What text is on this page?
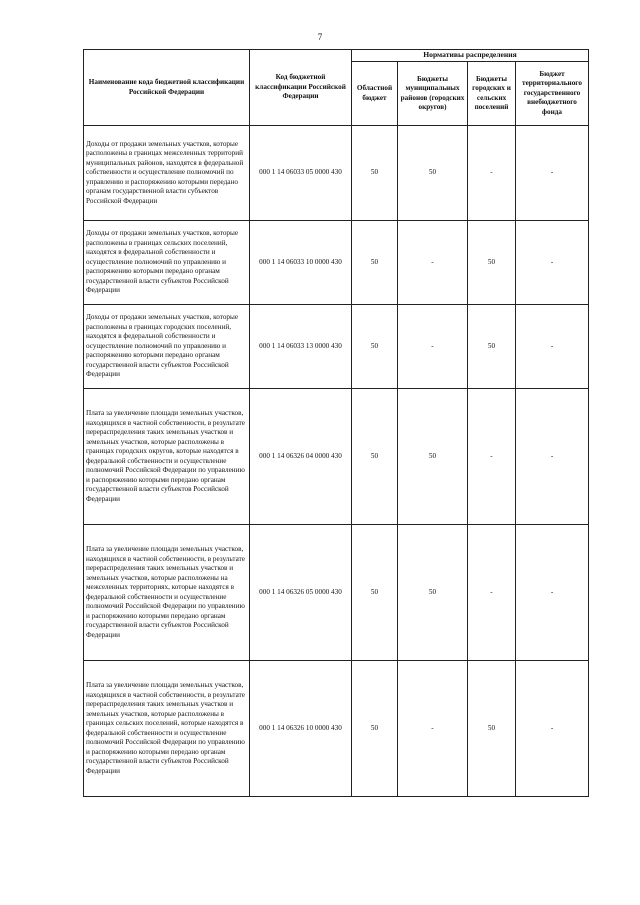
7
Наименование кода бюджетной классификации Российской Федерации	Код бюджетной классификации Российской Федерации	Нормативы распределения			
		Областной бюджет	Бюджеты муниципальных районов (городских округов)	Бюджеты городских и сельских поселений	Бюджет территориального государственного внебюджетного фонда
Доходы от продажи земельных участков, которые расположены в границах межселенных территорий муниципальных районов, находятся в федеральной собственности и осуществление полномочий по управлению и распоряжению которыми передано органам государственной власти субъектов Российской Федерации	000 1 14 06033 05 0000 430	50	50	-	-
Доходы от продажи земельных участков, которые расположены в границах сельских поселений, находятся в федеральной собственности и осуществление полномочий по управлению и распоряжению которыми передано органам государственной власти субъектов Российской Федерации	000 1 14 06033 10 0000 430	50	-	50	-
Доходы от продажи земельных участков, которые расположены в границах городских поселений, находятся в федеральной собственности и осуществление полномочий по управлению и распоряжению которыми передано органам государственной власти субъектов Российской Федерации	000 1 14 06033 13 0000 430	50	-	50	-
Плата за увеличение площади земельных участков, находящихся в частной собственности, в результате перераспределения таких земельных участков и земельных участков, которые расположены в границах городских округов, которые находятся в федеральной собственности и осуществление полномочий Российской Федерации по управлению и распоряжению которыми передано органам государственной власти субъектов Российской Федерации	000 1 14 06326 04 0000 430	50	50	-	-
Плата за увеличение площади земельных участков, находящихся в частной собственности, в результате перераспределения таких земельных участков и земельных участков, которые расположены на межселенных территориях, которые находятся в федеральной собственности и осуществление полномочий Российской Федерации по управлению и распоряжению которыми передано органам государственной власти субъектов Российской Федерации	000 1 14 06326 05 0000 430	50	50	-	-
Плата за увеличение площади земельных участков, находящихся в частной собственности, в результате перераспределения таких земельных участков и земельных участков, которые расположены в границах сельских поселений, которые находятся в федеральной собственности и осуществление полномочий Российской Федерации по управлению и распоряжению которыми передано органам государственной власти субъектов Российской Федерации	000 1 14 06326 10 0000 430	50	-	50	-
